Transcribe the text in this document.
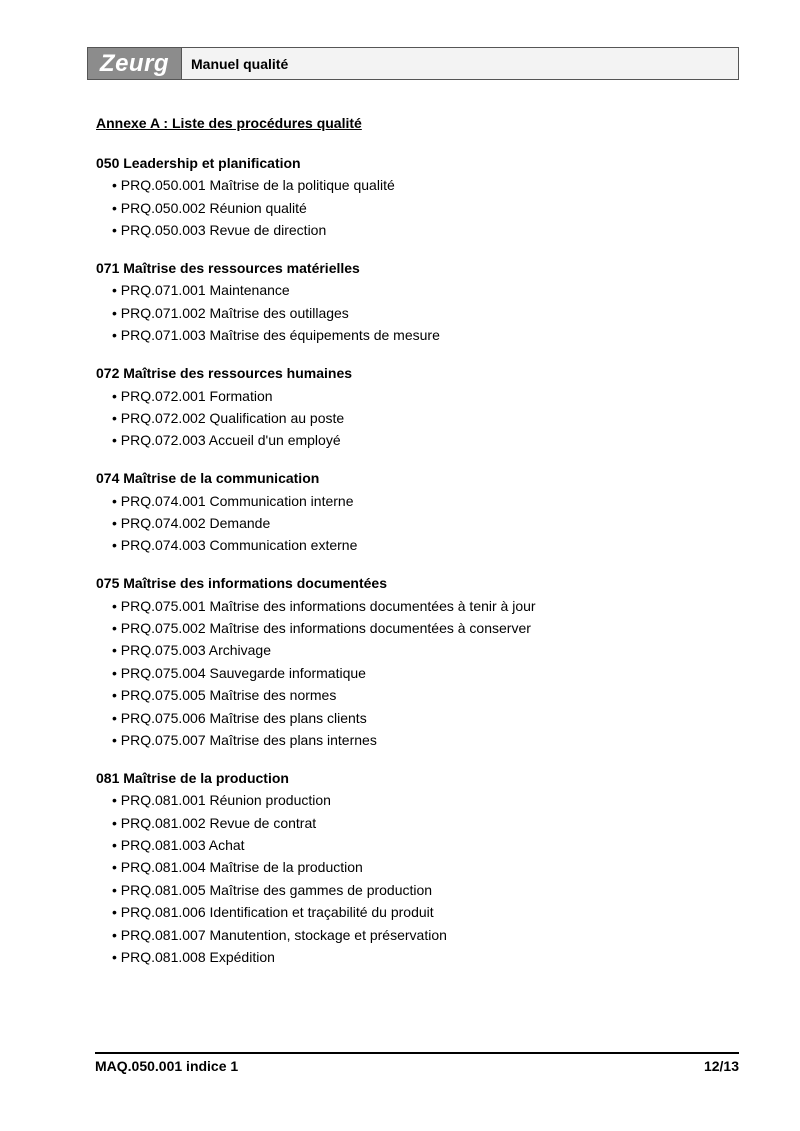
Zeurg	Manuel qualité
Annexe A : Liste des procédures qualité
050 Leadership et planification
• PRQ.050.001 Maîtrise de la politique qualité
• PRQ.050.002 Réunion qualité
• PRQ.050.003 Revue de direction
071 Maîtrise des ressources matérielles
• PRQ.071.001 Maintenance
• PRQ.071.002 Maîtrise des outillages
• PRQ.071.003 Maîtrise des équipements de mesure
072 Maîtrise des ressources humaines
• PRQ.072.001 Formation
• PRQ.072.002 Qualification au poste
• PRQ.072.003 Accueil d'un employé
074 Maîtrise de la communication
• PRQ.074.001 Communication interne
• PRQ.074.002 Demande
• PRQ.074.003 Communication externe
075 Maîtrise des informations documentées
• PRQ.075.001 Maîtrise des informations documentées à tenir à jour
• PRQ.075.002 Maîtrise des informations documentées à conserver
• PRQ.075.003 Archivage
• PRQ.075.004 Sauvegarde informatique
• PRQ.075.005 Maîtrise des normes
• PRQ.075.006 Maîtrise des plans clients
• PRQ.075.007 Maîtrise des plans internes
081 Maîtrise de la production
• PRQ.081.001 Réunion production
• PRQ.081.002 Revue de contrat
• PRQ.081.003 Achat
• PRQ.081.004 Maîtrise de la production
• PRQ.081.005 Maîtrise des gammes de production
• PRQ.081.006 Identification et traçabilité du produit
• PRQ.081.007 Manutention, stockage et préservation
• PRQ.081.008 Expédition
MAQ.050.001 indice 1	12/13
